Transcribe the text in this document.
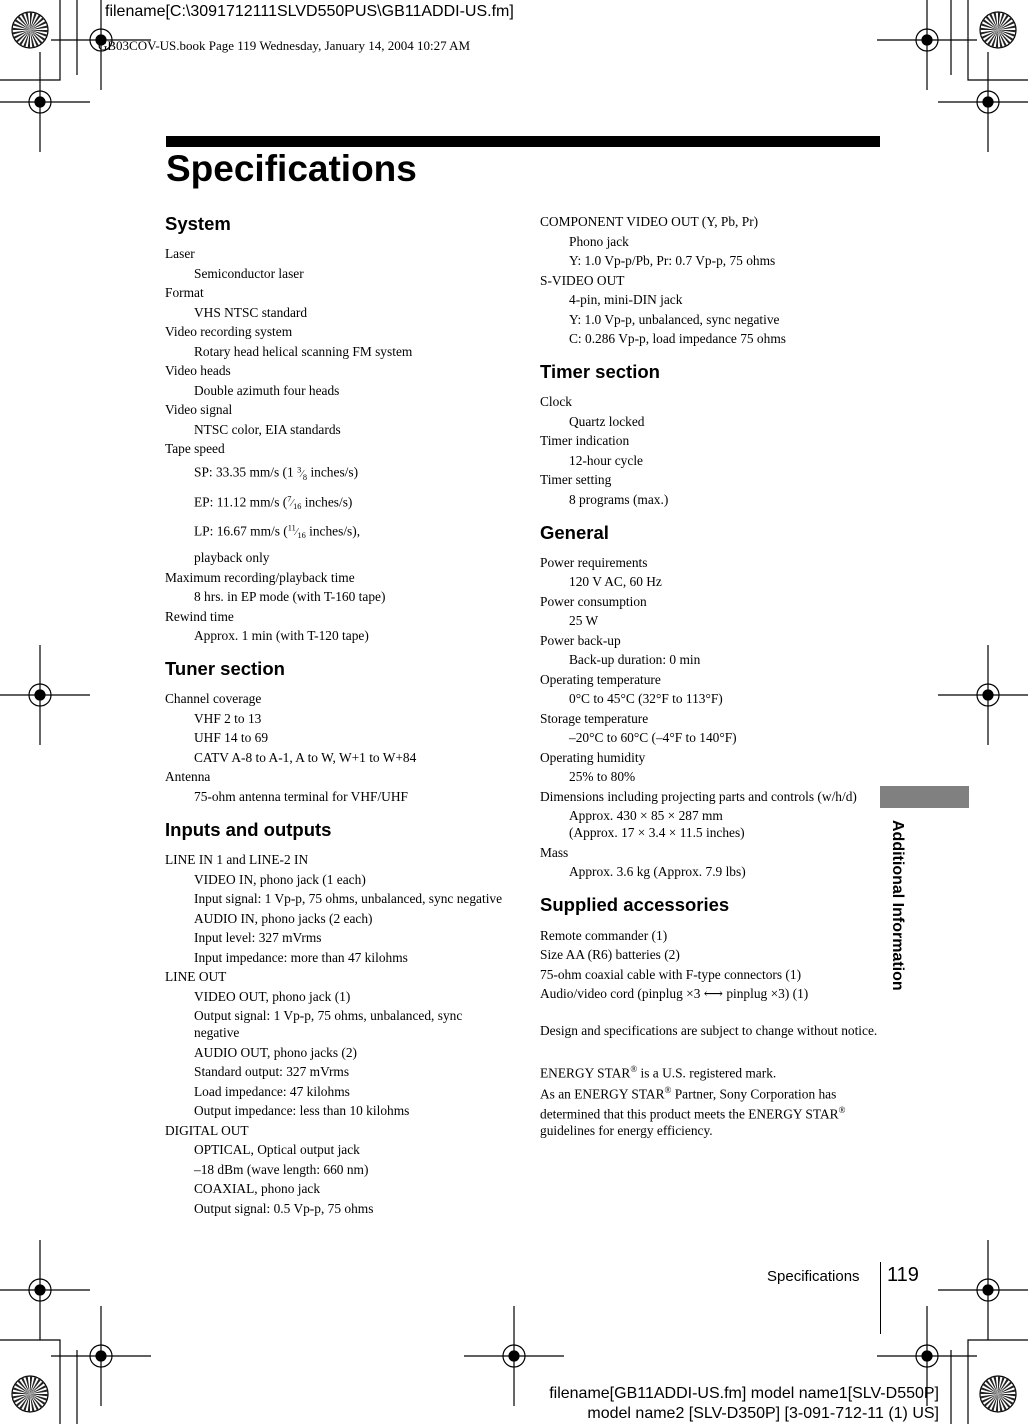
filename[C:\3091712111SLVD550PUS\GB11ADDI-US.fm]
GB03COV-US.book Page 119 Wednesday, January 14, 2004 10:27 AM
Specifications
System
Laser
Semiconductor laser
Format
VHS NTSC standard
Video recording system
Rotary head helical scanning FM system
Video heads
Double azimuth four heads
Video signal
NTSC color, EIA standards
Tape speed
SP: 33.35 mm/s (1 $^3⁄_8$ inches/s)
EP: 11.12 mm/s ($^7⁄_{16}$ inches/s)
LP: 16.67 mm/s ($^{11}⁄_{16}$ inches/s),
playback only
Maximum recording/playback time
8 hrs. in EP mode (with T-160 tape)
Rewind time
Approx. 1 min (with T-120 tape)
Tuner section
Channel coverage
VHF 2 to 13
UHF 14 to 69
CATV A-8 to A-1, A to W, W+1 to W+84
Antenna
75-ohm antenna terminal for VHF/UHF
Inputs and outputs
LINE IN 1 and LINE-2 IN
VIDEO IN, phono jack (1 each)
Input signal: 1 Vp-p, 75 ohms, unbalanced, sync negative
AUDIO IN, phono jacks (2 each)
Input level: 327 mVrms
Input impedance: more than 47 kilohms
LINE OUT
VIDEO OUT, phono jack (1)
Output signal: 1 Vp-p, 75 ohms, unbalanced, sync negative
AUDIO OUT, phono jacks (2)
Standard output: 327 mVrms
Load impedance: 47 kilohms
Output impedance: less than 10 kilohms
DIGITAL OUT
OPTICAL, Optical output jack
–18 dBm (wave length: 660 nm)
COAXIAL, phono jack
Output signal: 0.5 Vp-p, 75 ohms
COMPONENT VIDEO OUT (Y, Pb, Pr)
Phono jack
Y: 1.0 Vp-p/Pb, Pr: 0.7 Vp-p, 75 ohms
S-VIDEO OUT
4-pin, mini-DIN jack
Y: 1.0 Vp-p, unbalanced, sync negative
C: 0.286 Vp-p, load impedance 75 ohms
Timer section
Clock
Quartz locked
Timer indication
12-hour cycle
Timer setting
8 programs (max.)
General
Power requirements
120 V AC, 60 Hz
Power consumption
25 W
Power back-up
Back-up duration: 0 min
Operating temperature
0°C to 45°C (32°F to 113°F)
Storage temperature
–20°C to 60°C (–4°F to 140°F)
Operating humidity
25% to 80%
Dimensions including projecting parts and controls (w/h/d)
Approx. 430 × 85 × 287 mm
(Approx. 17 × 3.4 × 11.5 inches)
Mass
Approx. 3.6 kg (Approx. 7.9 lbs)
Supplied accessories
Remote commander (1)
Size AA (R6) batteries (2)
75-ohm coaxial cable with F-type connectors (1)
Audio/video cord (pinplug ×3 ⟷ pinplug ×3) (1)
Design and specifications are subject to change without notice.
ENERGY STAR® is a U.S. registered mark.
As an ENERGY STAR® Partner, Sony Corporation has determined that this product meets the ENERGY STAR® guidelines for energy efficiency.
Additional Information
Specifications 119
filename[GB11ADDI-US.fm] model name1[SLV-D550P]
model name2 [SLV-D350P] [3-091-712-11 (1) US]
